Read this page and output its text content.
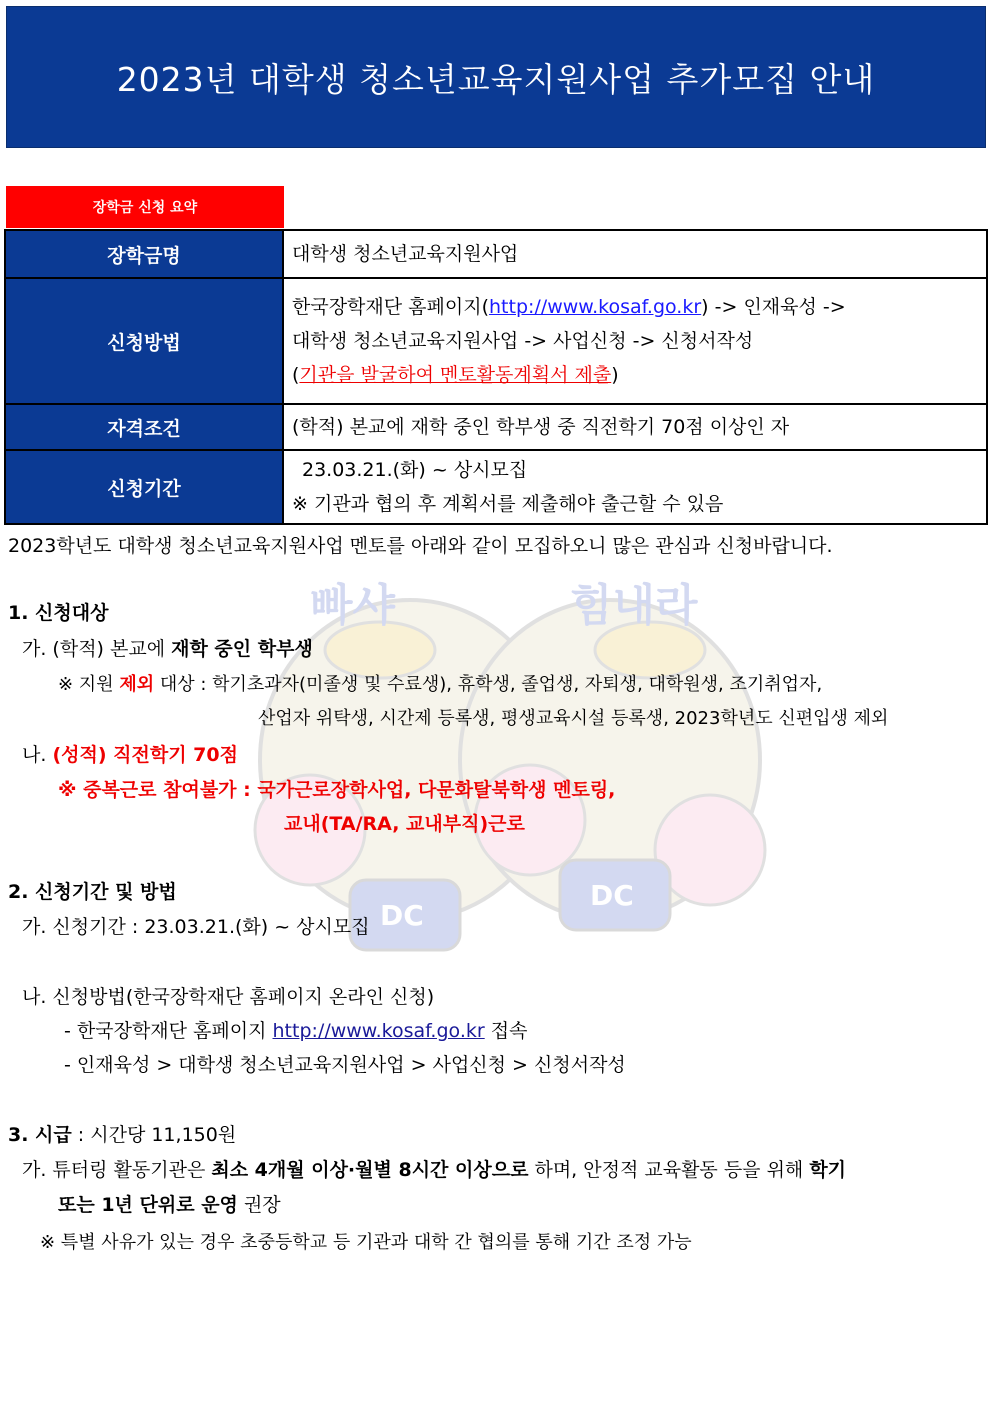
2023년 대학생 청소년교육지원사업 추가모집 안내
장학금 신청 요약
장학금명	대학생 청소년교육지원사업
신청방법	한국장학재단 홈페이지(http://www.kosaf.go.kr) -> 인재육성 ->
대학생 청소년교육지원사업 -> 사업신청 -> 신청서작성
(기관을 발굴하여 멘토활동계획서 제출)

자격조건	(학적) 본교에 재학 중인 학부생 중 직전학기 70점 이상인 자
신청기간	23.03.21.(화) ~ 상시모집
※ 기관과 협의 후 계획서를 제출해야 출근할 수 있음
DC
DC
빠샤	힘내라
2023학년도 대학생 청소년교육지원사업 멘토를 아래와 같이 모집하오니 많은 관심과 신청바랍니다.
1. 신청대상
가. (학적) 본교에 재학 중인 학부생
※ 지원 제외 대상 : 학기초과자(미졸생 및 수료생), 휴학생, 졸업생, 자퇴생, 대학원생, 조기취업자,
산업자 위탁생, 시간제 등록생, 평생교육시설 등록생, 2023학년도 신편입생 제외
나. (성적) 직전학기 70점
※ 중복근로 참여불가 : 국가근로장학사업, 다문화탈북학생 멘토링,
교내(TA/RA, 교내부직)근로
2. 신청기간 및 방법
가. 신청기간 : 23.03.21.(화) ~ 상시모집
나. 신청방법(한국장학재단 홈페이지 온라인 신청)
- 한국장학재단 홈페이지 http://www.kosaf.go.kr 접속
- 인재육성 > 대학생 청소년교육지원사업 > 사업신청 > 신청서작성
3. 시급 : 시간당 11,150원
가. 튜터링 활동기관은 최소 4개월 이상·월별 8시간 이상으로 하며, 안정적 교육활동 등을 위해 학기
또는 1년 단위로 운영 권장
※ 특별 사유가 있는 경우 초중등학교 등 기관과 대학 간 협의를 통해 기간 조정 가능
